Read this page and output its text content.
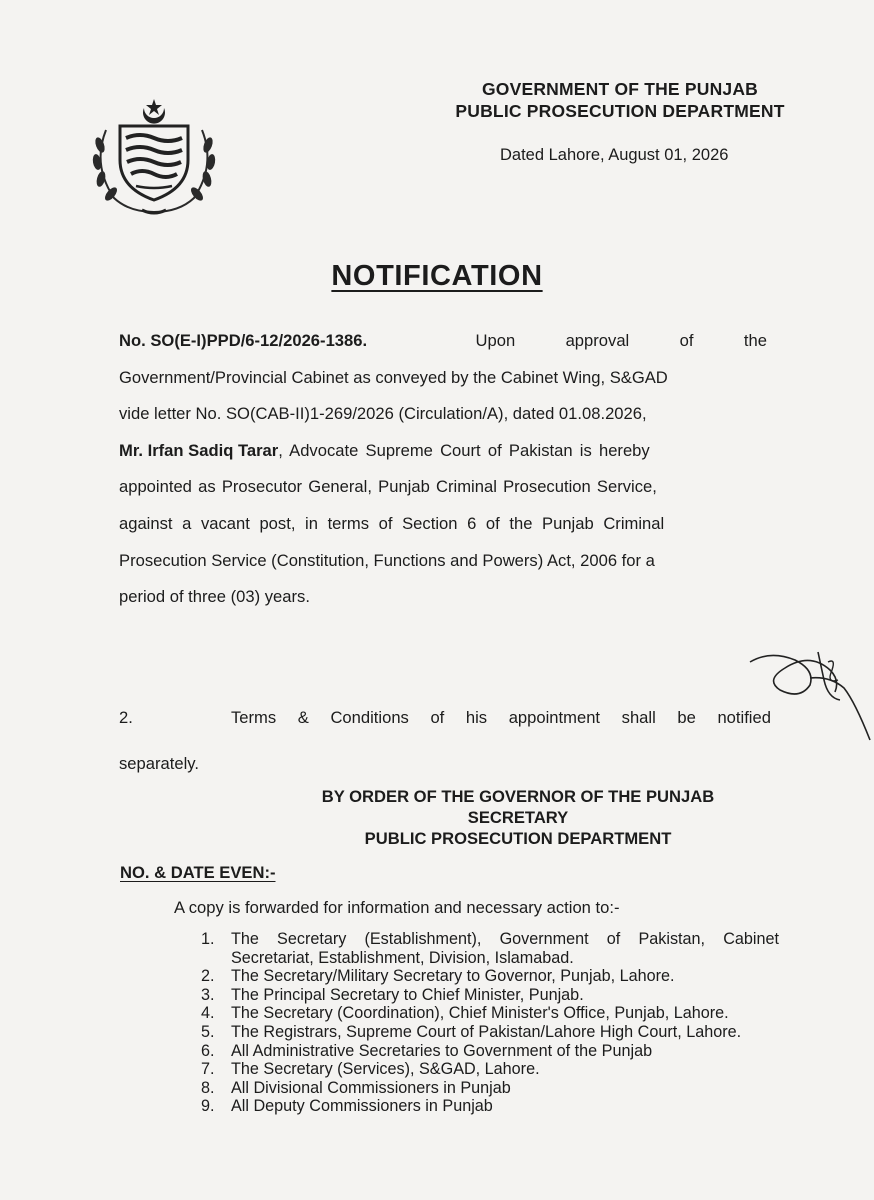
GOVERNMENT OF THE PUNJAB
PUBLIC PROSECUTION DEPARTMENT
Dated Lahore, August 01, 2026
NOTIFICATION
No. SO(E-I)PPD/6-12/2026-1386.	Upon	approval	of	the
Government/Provincial Cabinet as conveyed by the Cabinet Wing, S&GAD
vide letter No. SO(CAB-II)1-269/2026 (Circulation/A), dated 01.08.2026,
Mr. Irfan Sadiq Tarar , Advocate Supreme Court of Pakistan is hereby
appointed as Prosecutor General, Punjab Criminal Prosecution Service,
against a vacant post, in terms of Section 6 of the Punjab Criminal
Prosecution Service (Constitution, Functions and Powers) Act, 2006 for a
period of three (03) years.
2.	Terms & Conditions of his appointment shall be notified
separately.
BY ORDER OF THE GOVERNOR OF THE PUNJAB
SECRETARY
PUBLIC PROSECUTION DEPARTMENT
NO. & DATE EVEN:-
A copy is forwarded for information and necessary action to:-
1.	The Secretary (Establishment), Government of Pakistan, Cabinet Secretariat, Establishment, Division, Islamabad.
2.	The Secretary/Military Secretary to Governor, Punjab, Lahore.
3.	The Principal Secretary to Chief Minister, Punjab.
4.	The Secretary (Coordination), Chief Minister's Office, Punjab, Lahore.
5.	The Registrars, Supreme Court of Pakistan/Lahore High Court, Lahore.
6.	All Administrative Secretaries to Government of the Punjab
7.	The Secretary (Services), S&GAD, Lahore.
8.	All Divisional Commissioners in Punjab
9.	All Deputy Commissioners in Punjab
